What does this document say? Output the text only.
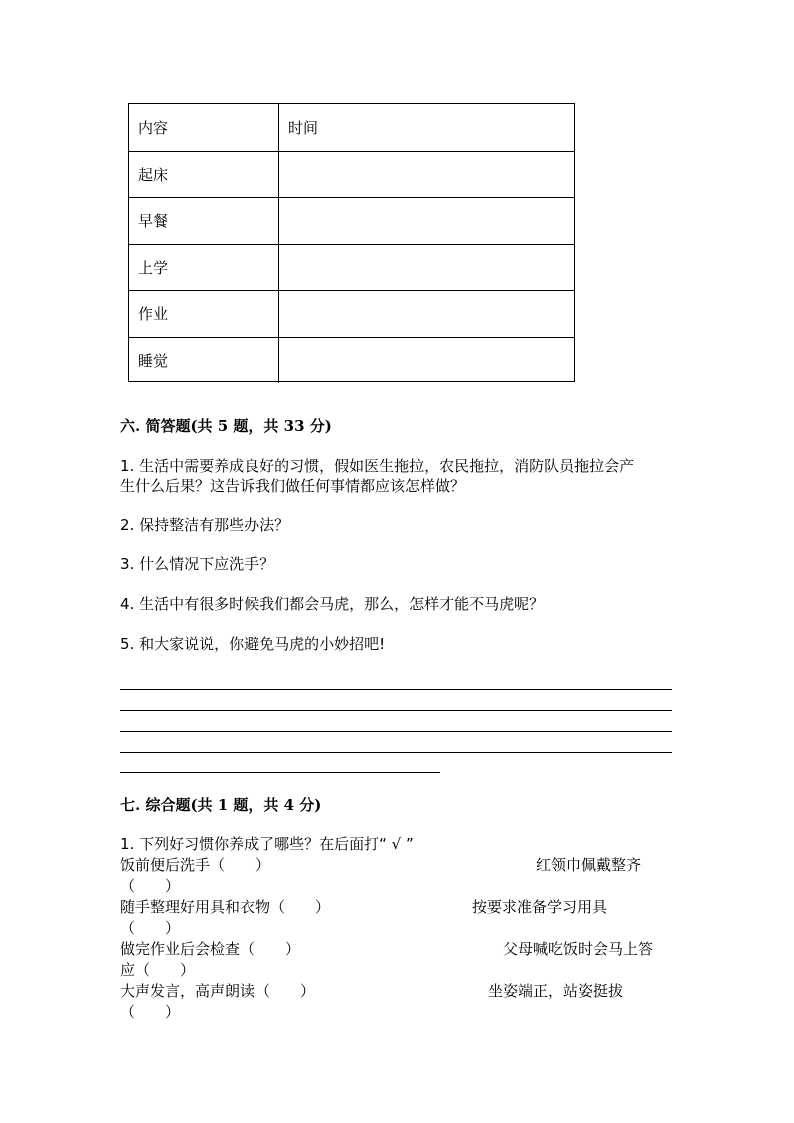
内容	时间
起床
早餐
上学
作业
睡觉
六. 简答题(共 5 题，共 33 分)
1. 生活中需要养成良好的习惯，假如医生拖拉，农民拖拉，消防队员拖拉会产
生什么后果？这告诉我们做任何事情都应该怎样做？
2. 保持整洁有那些办法？
3. 什么情况下应洗手？
4. 生活中有很多时候我们都会马虎，那么，怎样才能不马虎呢？
5. 和大家说说，你避免马虎的小妙招吧!
七. 综合题(共 1 题，共 4 分)
1. 下列好习惯你养成了哪些？在后面打“ √ ”
饭前便后洗手（　　）	红领巾佩戴整齐
（　　）
随手整理好用具和衣物（　　）	按要求准备学习用具
（　　）
做完作业后会检查（　　）	父母喊吃饭时会马上答
应（　　）
大声发言，高声朗读（　　）	坐姿端正，站姿挺拔
（　　）
